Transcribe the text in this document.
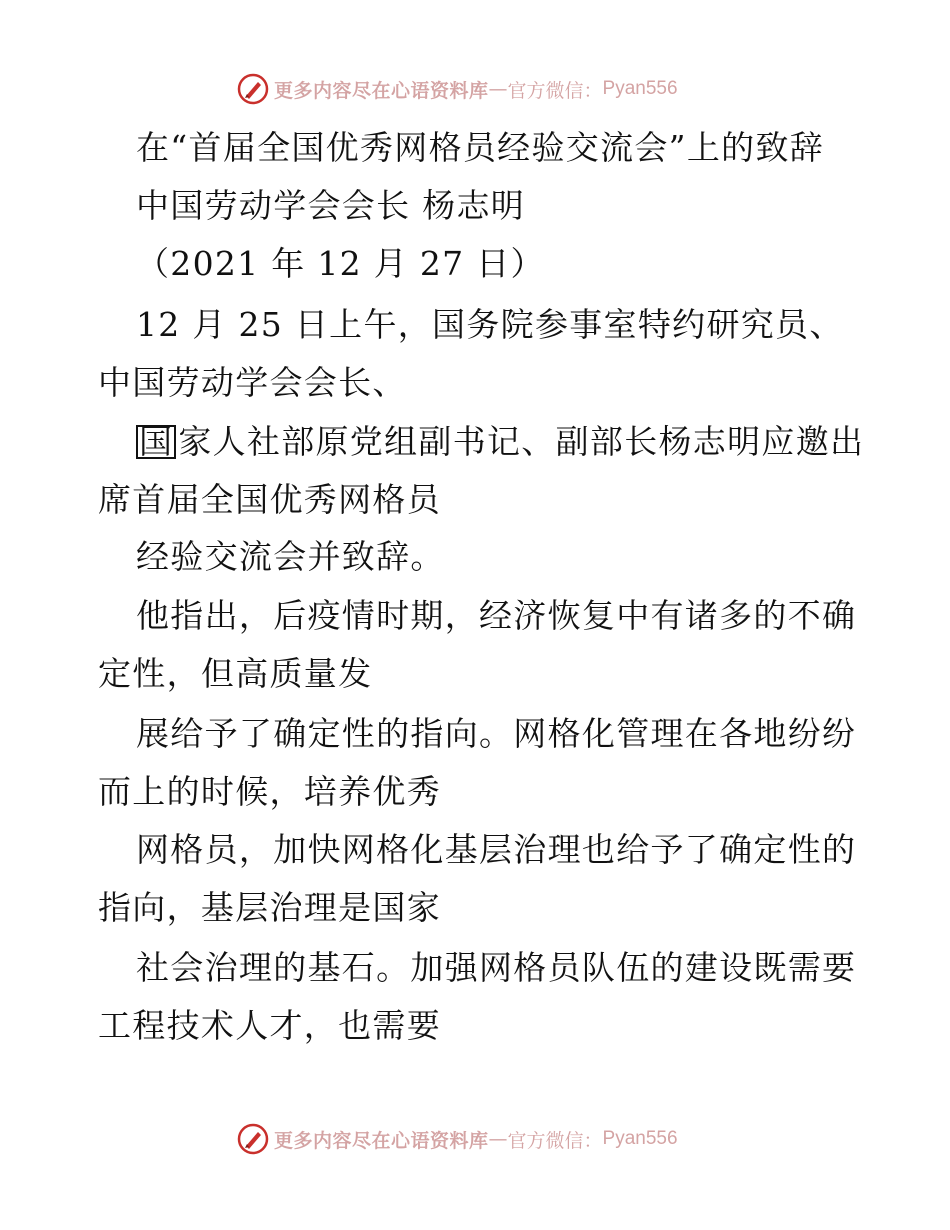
更多内容尽在心语资料库 — 官方微信： Pyan556
在“首届全国优秀网格员经验交流会”上的致辞
中国劳动学会会长 杨志明
（2021 年 12 月 27 日）
12 月 25 日上午，国务院参事室特约研究员、
中国劳动学会会长、
国 家人社部原党组副书记、副部长杨志明应邀出
席首届全国优秀网格员
经验交流会并致辞。
他指出，后疫情时期，经济恢复中有诸多的不确
定性，但高质量发
展给予了确定性的指向。网格化管理在各地纷纷
而上的时候，培养优秀
网格员，加快网格化基层治理也给予了确定性的
指向，基层治理是国家
社会治理的基石。加强网格员队伍的建设既需要
工程技术人才，也需要
更多内容尽在心语资料库 — 官方微信： Pyan556
